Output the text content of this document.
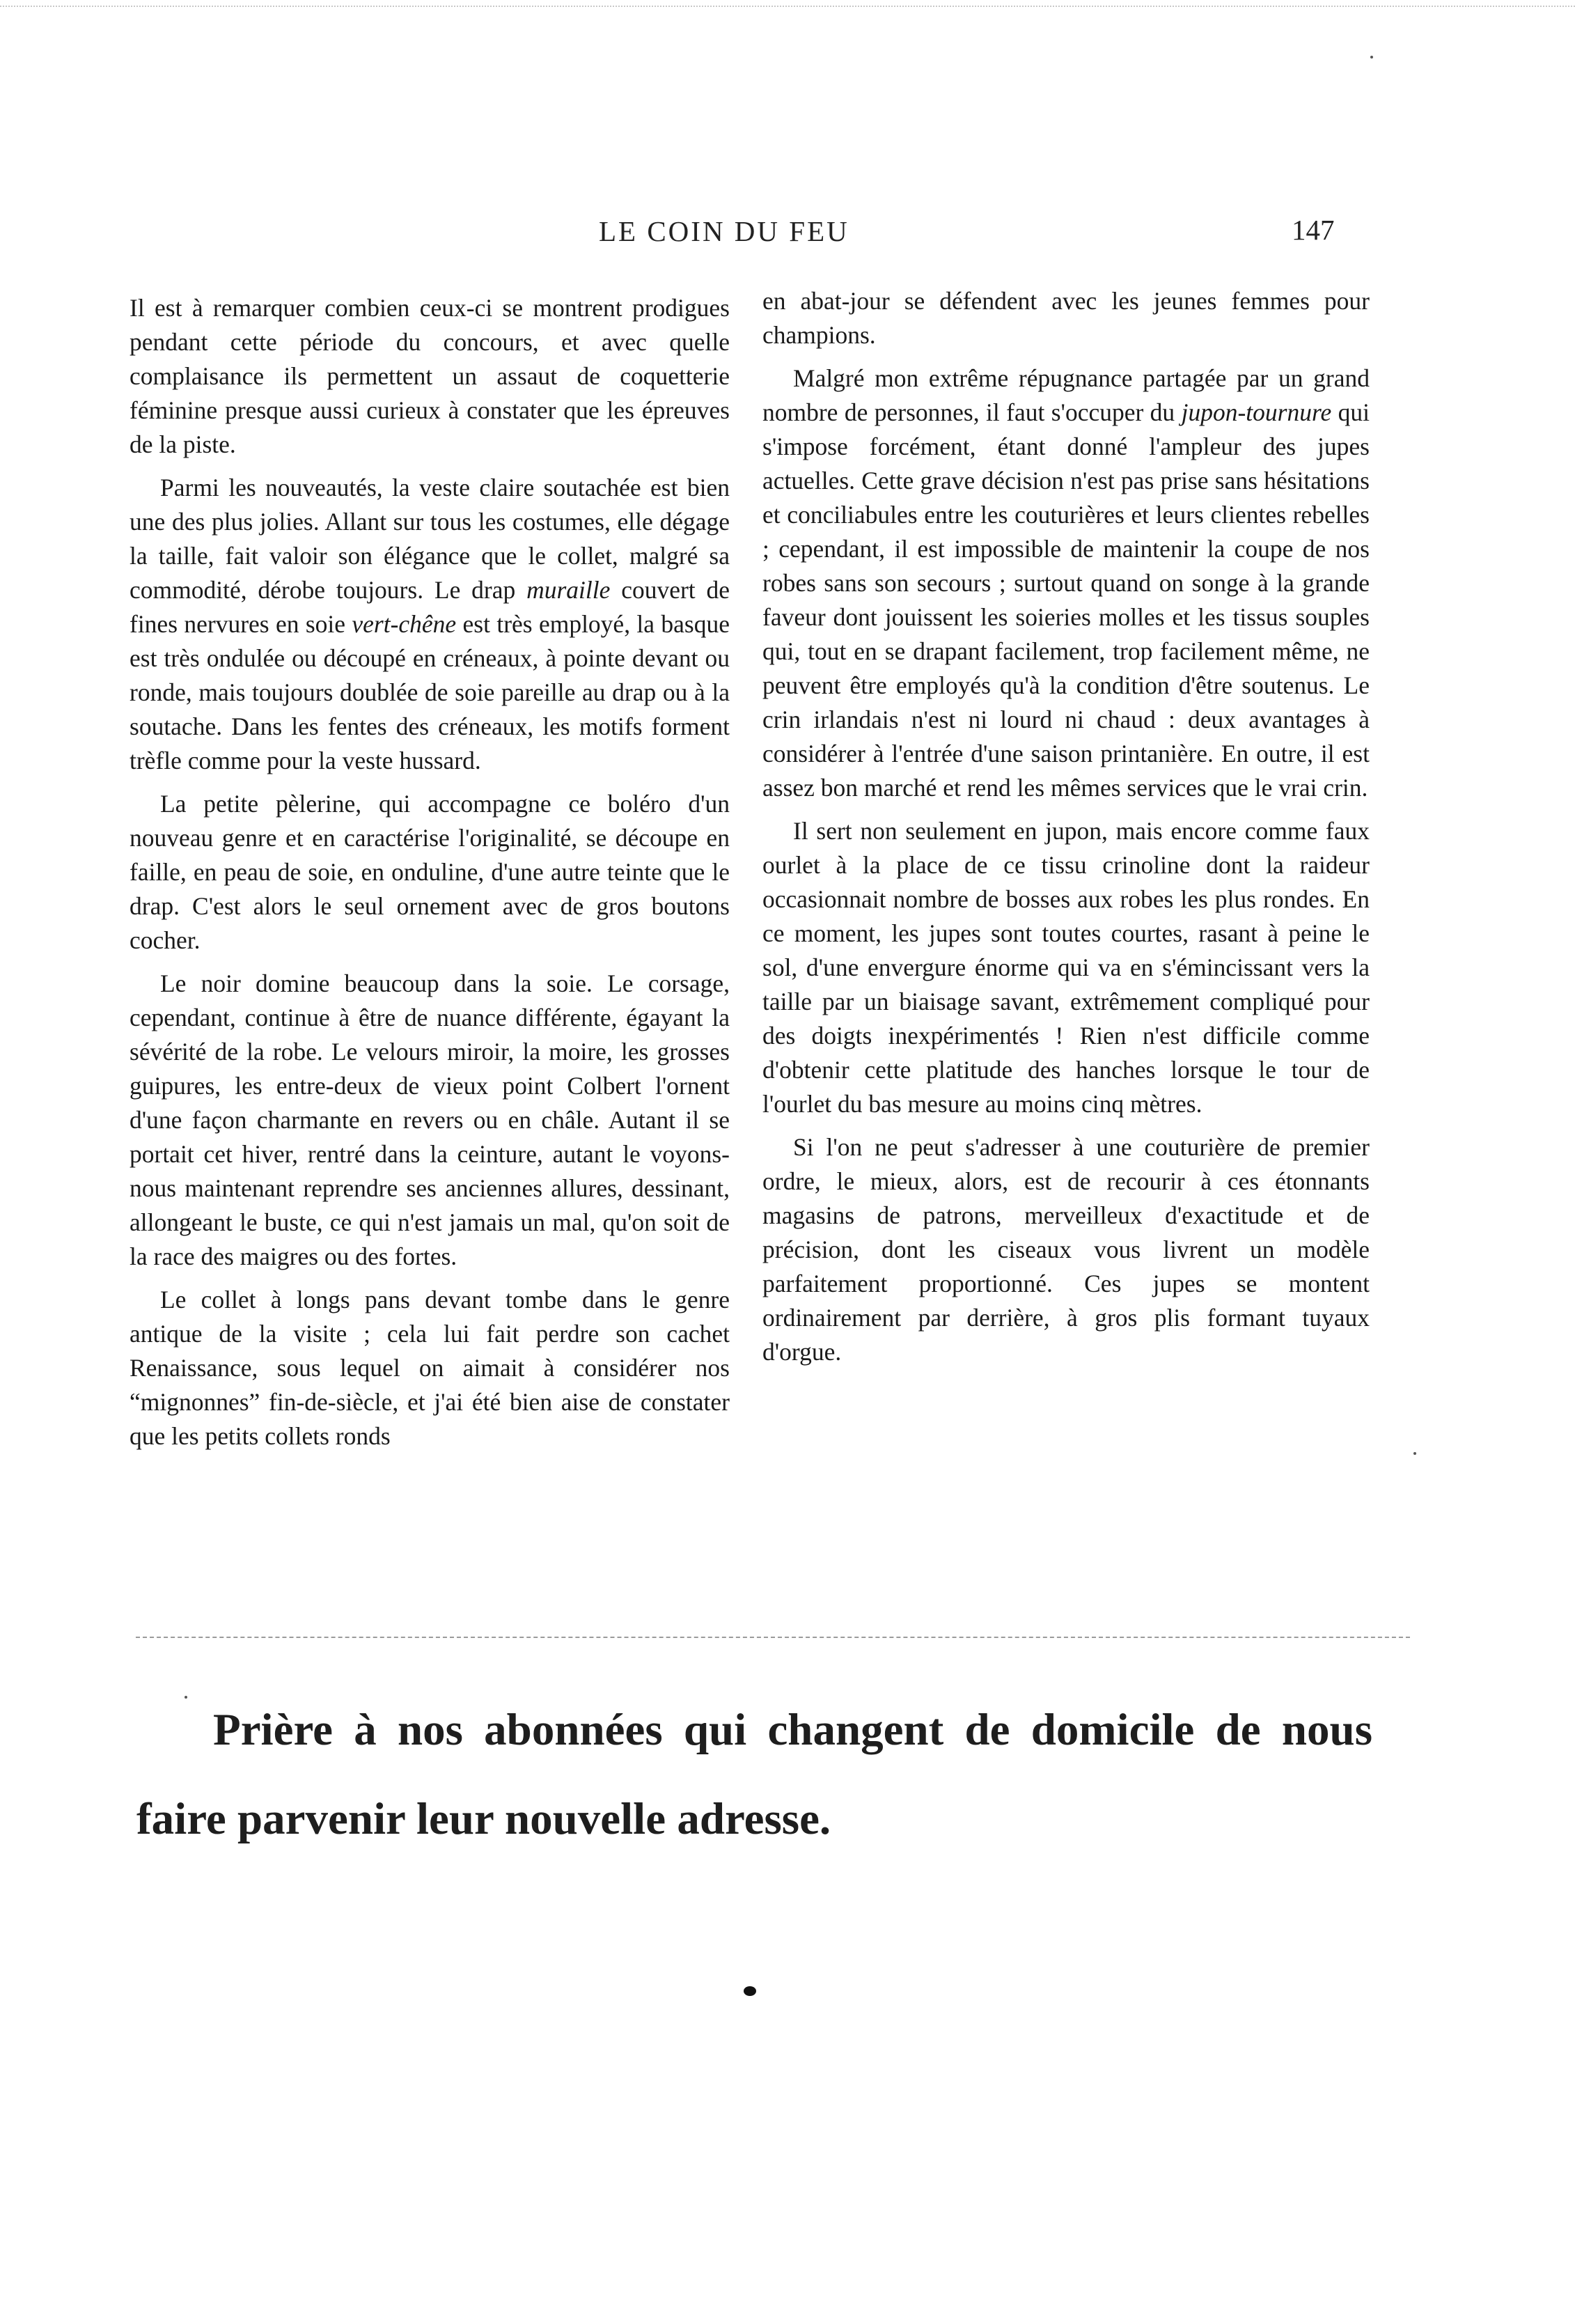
LE COIN DU FEU	147

Il est à remarquer combien ceux-ci se montrent prodigues pendant cette période du concours, et avec quelle complaisance ils permettent un assaut de coquetterie féminine presque aussi curieux à constater que les épreuves de la piste.

Parmi les nouveautés, la veste claire soutachée est bien une des plus jolies. Allant sur tous les costumes, elle dégage la taille, fait valoir son élégance que le collet, malgré sa commodité, dérobe toujours. Le drap muraille couvert de fines nervures en soie vert-chêne est très employé, la basque est très ondulée ou découpé en créneaux, à pointe devant ou ronde, mais toujours doublée de soie pareille au drap ou à la soutache. Dans les fentes des créneaux, les motifs forment trèfle comme pour la veste hussard.

La petite pèlerine, qui accompagne ce boléro d'un nouveau genre et en caractérise l'originalité, se découpe en faille, en peau de soie, en onduline, d'une autre teinte que le drap. C'est alors le seul ornement avec de gros boutons cocher.

Le noir domine beaucoup dans la soie. Le corsage, cependant, continue à être de nuance différente, égayant la sévérité de la robe. Le velours miroir, la moire, les grosses guipures, les entre-deux de vieux point Colbert l'ornent d'une façon charmante en revers ou en châle. Autant il se portait cet hiver, rentré dans la ceinture, autant le voyons-nous maintenant reprendre ses anciennes allures, dessinant, allongeant le buste, ce qui n'est jamais un mal, qu'on soit de la race des maigres ou des fortes.

Le collet à longs pans devant tombe dans le genre antique de la visite ; cela lui fait perdre son cachet Renaissance, sous lequel on aimait à considérer nos “mignonnes” fin-de-siècle, et j'ai été bien aise de constater que les petits collets ronds

en abat-jour se défendent avec les jeunes femmes pour champions.

Malgré mon extrême répugnance partagée par un grand nombre de personnes, il faut s'occuper du jupon-tournure qui s'impose forcément, étant donné l'ampleur des jupes actuelles. Cette grave décision n'est pas prise sans hésitations et conciliabules entre les couturières et leurs clientes rebelles ; cependant, il est impossible de maintenir la coupe de nos robes sans son secours ; surtout quand on songe à la grande faveur dont jouissent les soieries molles et les tissus souples qui, tout en se drapant facilement, trop facilement même, ne peuvent être employés qu'à la condition d'être soutenus. Le crin irlandais n'est ni lourd ni chaud : deux avantages à considérer à l'entrée d'une saison printanière. En outre, il est assez bon marché et rend les mêmes services que le vrai crin.

Il sert non seulement en jupon, mais encore comme faux ourlet à la place de ce tissu crinoline dont la raideur occasionnait nombre de bosses aux robes les plus rondes. En ce moment, les jupes sont toutes courtes, rasant à peine le sol, d'une envergure énorme qui va en s'émincissant vers la taille par un biaisage savant, extrêmement compliqué pour des doigts inexpérimentés ! Rien n'est difficile comme d'obtenir cette platitude des hanches lorsque le tour de l'ourlet du bas mesure au moins cinq mètres.

Si l'on ne peut s'adresser à une couturière de premier ordre, le mieux, alors, est de recourir à ces étonnants magasins de patrons, merveilleux d'exactitude et de précision, dont les ciseaux vous livrent un modèle parfaitement proportionné. Ces jupes se montent ordinairement par derrière, à gros plis formant tuyaux d'orgue.

Prière à nos abonnées qui changent de domicile de nous faire parvenir leur nouvelle adresse.
